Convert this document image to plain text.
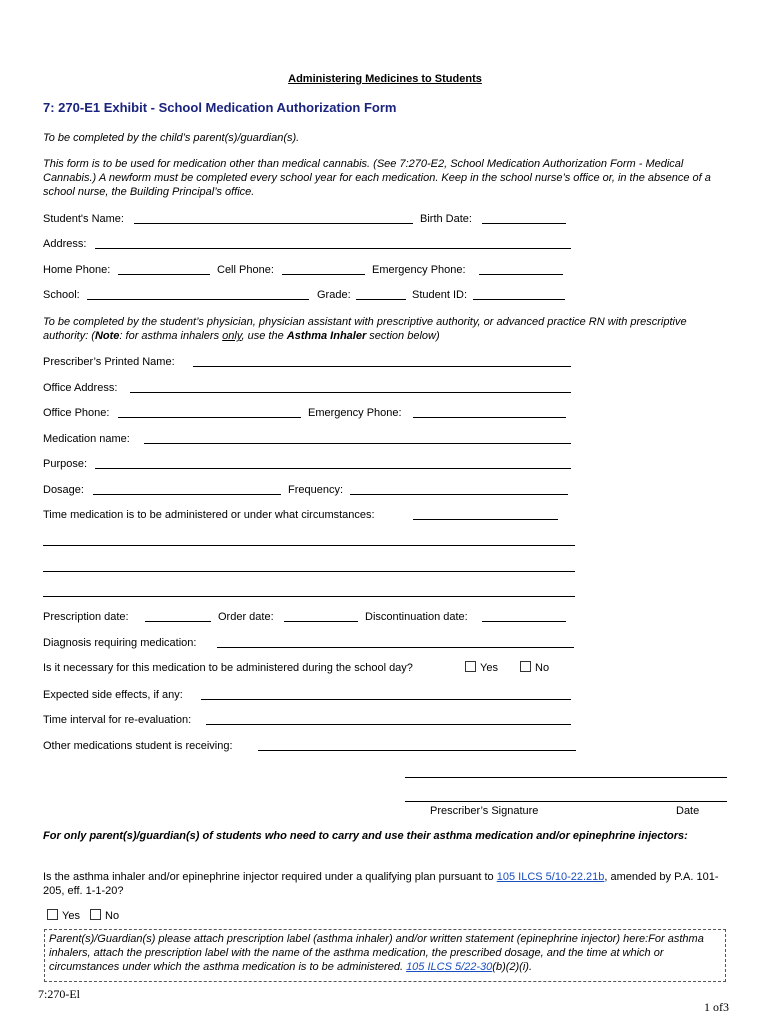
Administering Medicines to Students

7: 270-E1 Exhibit - School Medication Authorization Form

To be completed by the child’s parent(s)/guardian(s).

This form is to be used for medication other than medical cannabis. (See 7:270-E2, School Medication Authorization Form - Medical Cannabis.) A newform must be completed every school year for each medication. Keep in the school nurse’s office or, in the absence of a school nurse, the Building Principal’s office.

Student's Name:	Birth Date:
Address:
Home Phone:	Cell Phone:	Emergency Phone:
School:	Grade:	Student ID:

To be completed by the student’s physician, physician assistant with prescriptive authority, or advanced practice RN with prescriptive authority: (Note: for asthma inhalers only, use the Asthma Inhaler section below)

Prescriber’s Printed Name:
Office Address:
Office Phone:	Emergency Phone:
Medication name:
Purpose:
Dosage:	Frequency:
Time medication is to be administered or under what circumstances:
Prescription date:	Order date:	Discontinuation date:
Diagnosis requiring medication:
Is it necessary for this medication to be administered during the school day?	Yes	No
Expected side effects, if any:
Time interval for re-evaluation:
Other medications student is receiving:
Prescriber’s Signature	Date

For only parent(s)/guardian(s) of students who need to carry and use their asthma medication and/or epinephrine injectors:

Is the asthma inhaler and/or epinephrine injector required under a qualifying plan pursuant to 105 ILCS 5/10-22.21b, amended by P.A. 101-205, eff. 1-1-20?

Yes	No

Parent(s)/Guardian(s) please attach prescription label (asthma inhaler) and/or written statement (epinephrine injector) here:For asthma inhalers, attach the prescription label with the name of the asthma medication, the prescribed dosage, and the time at which or circumstances under which the asthma medication is to be administered. 105 ILCS 5/22-30(b)(2)(i).

7:270-El
1 of3
